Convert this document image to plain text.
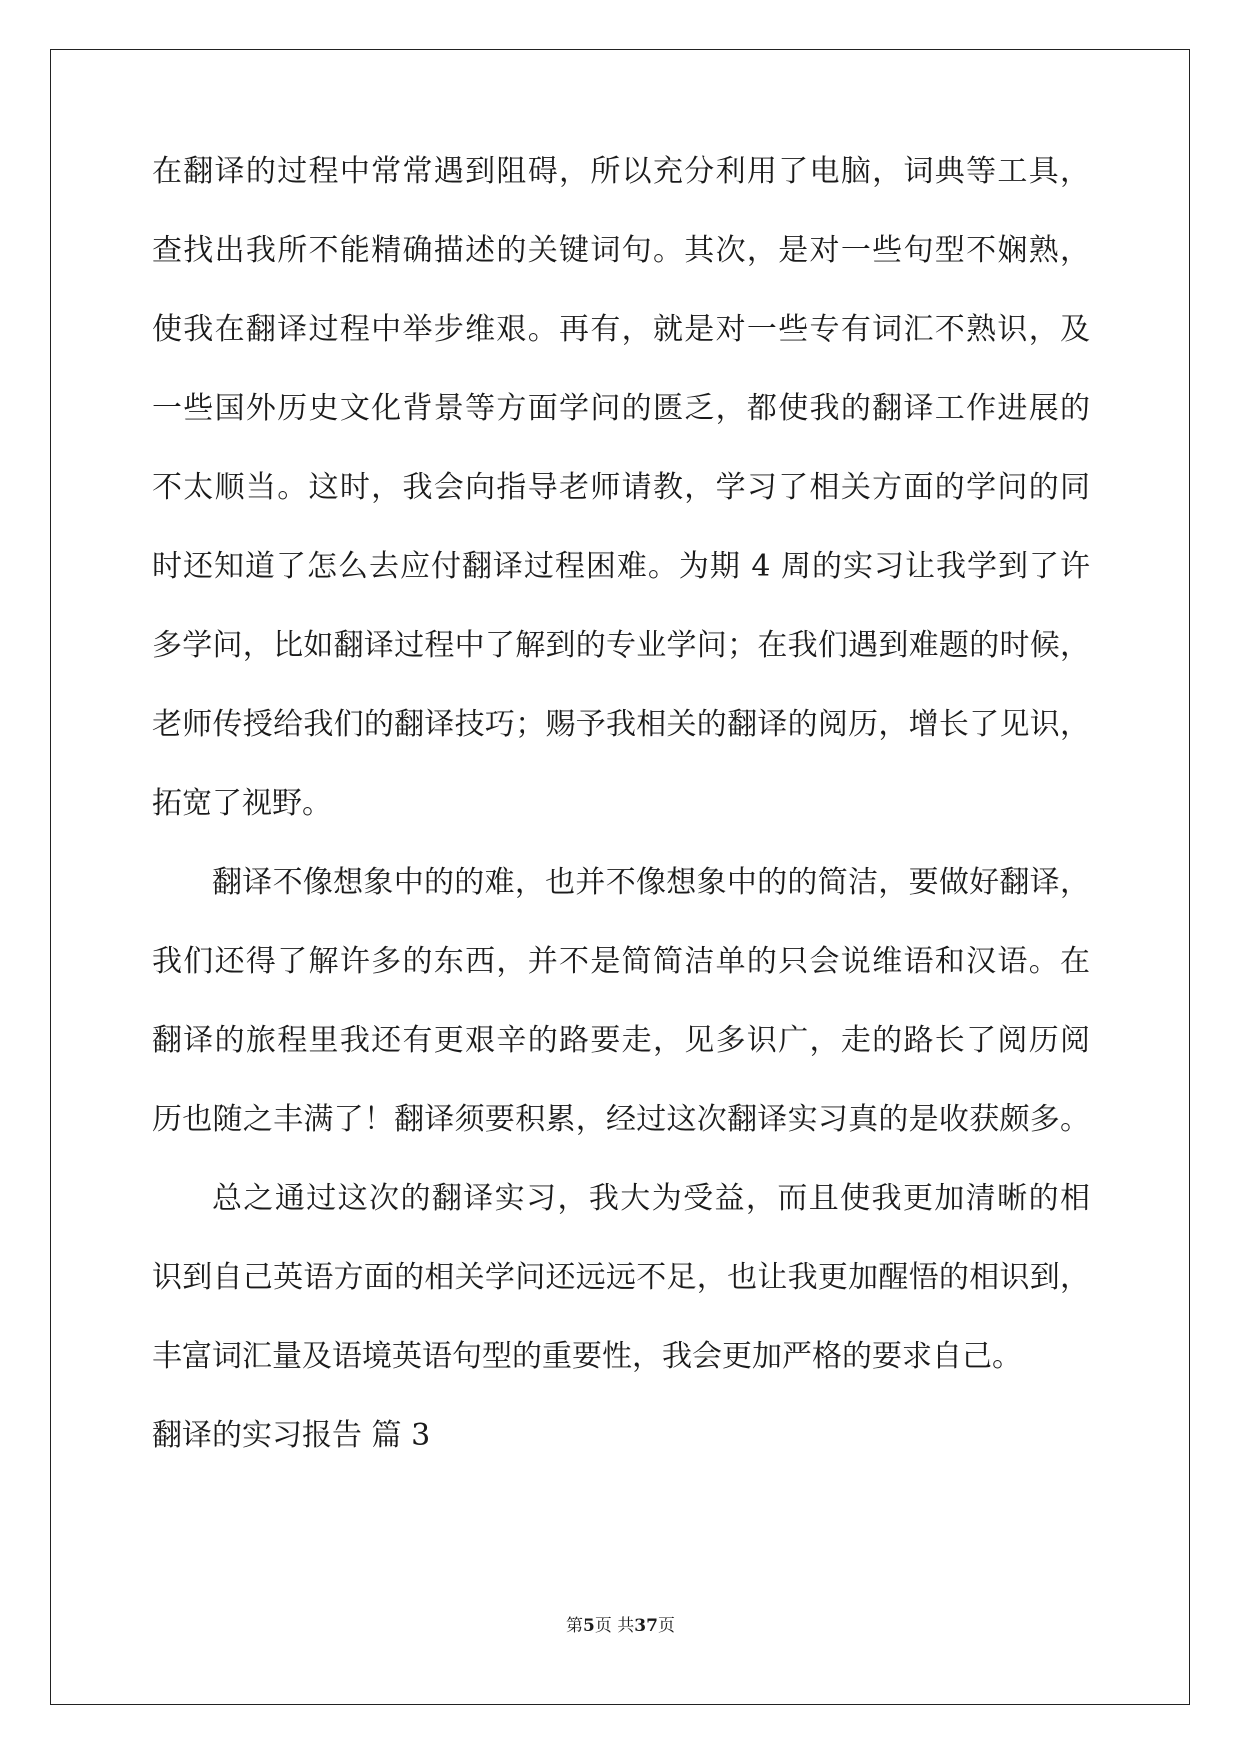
在翻译的过程中常常遇到阻碍，所以充分利用了电脑，词典等工具，

查找出我所不能精确描述的关键词句。其次，是对一些句型不娴熟，

使我在翻译过程中举步维艰。再有，就是对一些专有词汇不熟识，及

一些国外历史文化背景等方面学问的匮乏，都使我的翻译工作进展的

不太顺当。这时，我会向指导老师请教，学习了相关方面的学问的同

时还知道了怎么去应付翻译过程困难。为期 4 周的实习让我学到了许

多学问，比如翻译过程中了解到的专业学问；在我们遇到难题的时候，

老师传授给我们的翻译技巧；赐予我相关的翻译的阅历，增长了见识，

拓宽了视野。

翻译不像想象中的的难，也并不像想象中的的简洁，要做好翻译，

我们还得了解许多的东西，并不是简简洁单的只会说维语和汉语。在

翻译的旅程里我还有更艰辛的路要走，见多识广，走的路长了阅历阅

历也随之丰满了！翻译须要积累，经过这次翻译实习真的是收获颇多。

总之通过这次的翻译实习，我大为受益，而且使我更加清晰的相

识到自己英语方面的相关学问还远远不足，也让我更加醒悟的相识到，

丰富词汇量及语境英语句型的重要性，我会更加严格的要求自己。

翻译的实习报告 篇 3

第5页 共37页
